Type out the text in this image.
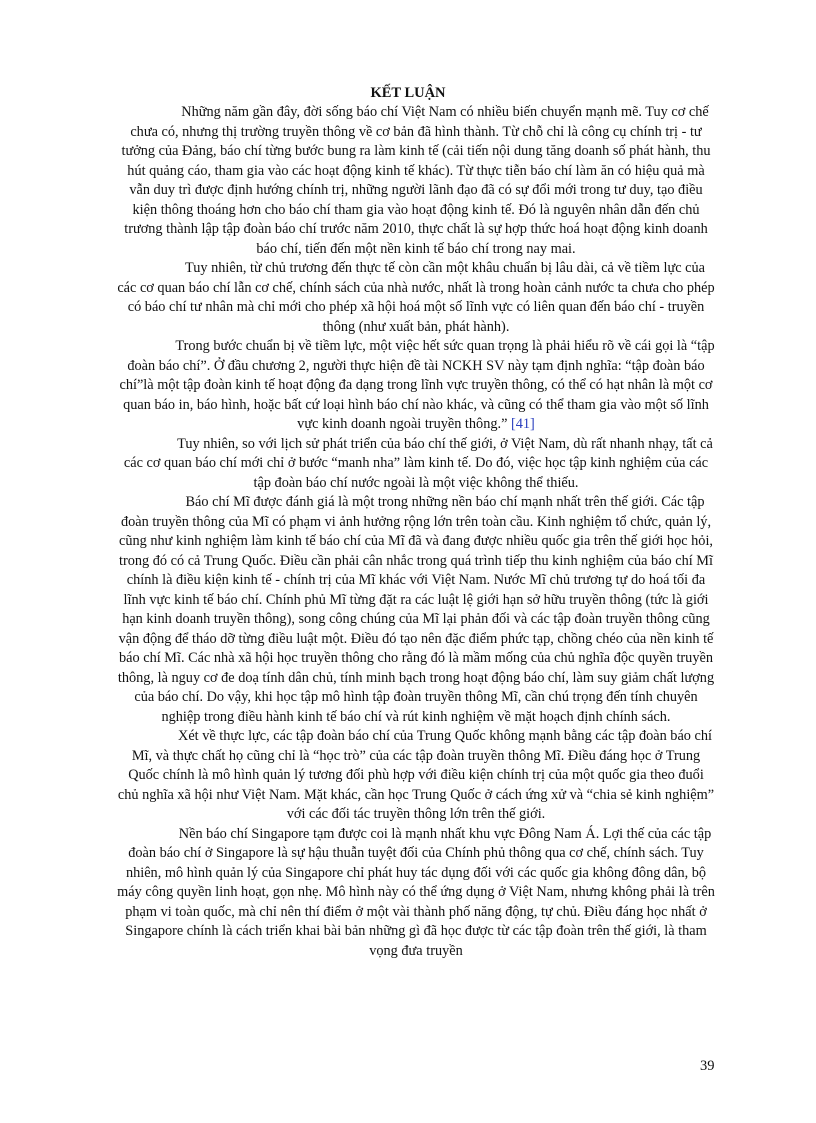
KẾT LUẬN

Những năm gần đây, đời sống báo chí Việt Nam có nhiều biến chuyển mạnh mẽ. Tuy cơ chế chưa có, nhưng thị trường truyền thông về cơ bản đã hình thành. Từ chỗ chỉ là công cụ chính trị - tư tưởng của Đảng, báo chí từng bước bung ra làm kinh tế (cải tiến nội dung tăng doanh số phát hành, thu hút quảng cáo, tham gia vào các hoạt động kinh tế khác). Từ thực tiễn báo chí làm ăn có hiệu quả mà vẫn duy trì được định hướng chính trị, những người lãnh đạo đã có sự đổi mới trong tư duy, tạo điều kiện thông thoáng hơn cho báo chí tham gia vào hoạt động kinh tế. Đó là nguyên nhân dẫn đến chủ trương thành lập tập đoàn báo chí trước năm 2010, thực chất là sự hợp thức hoá hoạt động kinh doanh báo chí, tiến đến một nền kinh tế báo chí trong nay mai.

Tuy nhiên, từ chủ trương đến thực tế còn cần một khâu chuẩn bị lâu dài, cả về tiềm lực của các cơ quan báo chí lẫn cơ chế, chính sách của nhà nước, nhất là trong hoàn cảnh nước ta chưa cho phép có báo chí tư nhân mà chỉ mới cho phép xã hội hoá một số lĩnh vực có liên quan đến báo chí - truyền thông (như xuất bản, phát hành).

Trong bước chuẩn bị về tiềm lực, một việc hết sức quan trọng là phải hiểu rõ về cái gọi là “tập đoàn báo chí”. Ở đầu chương 2, người thực hiện đề tài NCKH SV này tạm định nghĩa: “tập đoàn báo chí”là một tập đoàn kinh tế hoạt động đa dạng trong lĩnh vực truyền thông, có thể có hạt nhân là một cơ quan báo in, báo hình, hoặc bất cứ loại hình báo chí nào khác, và cũng có thể tham gia vào một số lĩnh vực kinh doanh ngoài truyền thông.” [41]

Tuy nhiên, so với lịch sử phát triển của báo chí thế giới, ở Việt Nam, dù rất nhanh nhạy, tất cả các cơ quan báo chí mới chỉ ở bước “manh nha” làm kinh tế. Do đó, việc học tập kinh nghiệm của các tập đoàn báo chí nước ngoài là một việc không thể thiếu.

Báo chí Mĩ được đánh giá là một trong những nền báo chí mạnh nhất trên thế giới. Các tập đoàn truyền thông của Mĩ có phạm vi ảnh hưởng rộng lớn trên toàn cầu. Kinh nghiệm tổ chức, quản lý, cũng như kinh nghiệm làm kinh tế báo chí của Mĩ đã và đang được nhiều quốc gia trên thế giới học hỏi, trong đó có cả Trung Quốc. Điều cần phải cân nhắc trong quá trình tiếp thu kinh nghiệm của báo chí Mĩ chính là điều kiện kinh tế - chính trị của Mĩ khác với Việt Nam. Nước Mĩ chủ trương tự do hoá tối đa lĩnh vực kinh tế báo chí. Chính phủ Mĩ từng đặt ra các luật lệ giới hạn sở hữu truyền thông (tức là giới hạn kinh doanh truyền thông), song công chúng của Mĩ lại phản đối và các tập đoàn truyền thông cũng vận động để tháo dỡ từng điều luật một. Điều đó tạo nên đặc điểm phức tạp, chồng chéo của nền kinh tế báo chí Mĩ. Các nhà xã hội học truyền thông cho rằng đó là mầm mống của chủ nghĩa độc quyền truyền thông, là nguy cơ đe doạ tính dân chủ, tính minh bạch trong hoạt động báo chí, làm suy giảm chất lượng của báo chí. Do vậy, khi học tập mô hình tập đoàn truyền thông Mĩ, cần chú trọng đến tính chuyên nghiệp trong điều hành kinh tế báo chí và rút kinh nghiệm về mặt hoạch định chính sách.

Xét về thực lực, các tập đoàn báo chí của Trung Quốc không mạnh bằng các tập đoàn báo chí Mĩ, và thực chất họ cũng chỉ là “học trò” của các tập đoàn truyền thông Mĩ. Điều đáng học ở Trung Quốc chính là mô hình quản lý tương đối phù hợp với điều kiện chính trị của một quốc gia theo đuổi chủ nghĩa xã hội như Việt Nam. Mặt khác, cần học Trung Quốc ở cách ứng xử và “chia sẻ kinh nghiệm” với các đối tác truyền thông lớn trên thế giới.

Nền báo chí Singapore tạm được coi là mạnh nhất khu vực Đông Nam Á. Lợi thế của các tập đoàn báo chí ở Singapore là sự hậu thuẫn tuyệt đối của Chính phủ thông qua cơ chế, chính sách. Tuy nhiên, mô hình quản lý của Singapore chỉ phát huy tác dụng đối với các quốc gia không đông dân, bộ máy công quyền linh hoạt, gọn nhẹ. Mô hình này có thể ứng dụng ở Việt Nam, nhưng không phải là trên phạm vi toàn quốc, mà chỉ nên thí điểm ở một vài thành phố năng động, tự chủ. Điều đáng học nhất ở Singapore chính là cách triển khai bài bản những gì đã học được từ các tập đoàn trên thế giới, là tham vọng đưa truyền

39
